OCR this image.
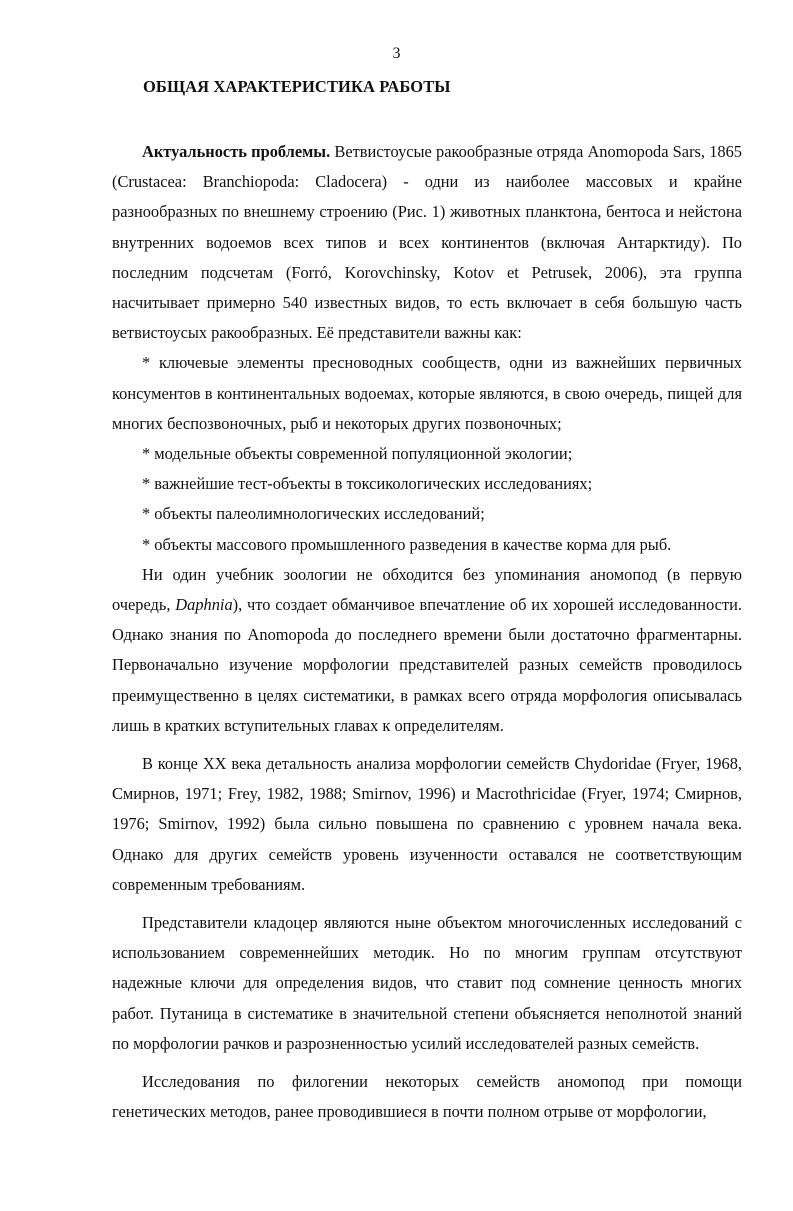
3
ОБЩАЯ ХАРАКТЕРИСТИКА РАБОТЫ

Актуальность проблемы. Ветвистоусые ракообразные отряда Anomopoda Sars, 1865 (Crustacea: Branchiopoda: Cladocera) - одни из наиболее массовых и крайне разнообразных по внешнему строению (Рис. 1) животных планктона, бентоса и нейстона внутренних водоемов всех типов и всех континентов (включая Антарктиду). По последним подсчетам (Forró, Korovchinsky, Kotov et Petrusek, 2006), эта группа насчитывает примерно 540 известных видов, то есть включает в себя большую часть ветвистоусых ракообразных. Её представители важны как:

* ключевые элементы пресноводных сообществ, одни из важнейших первичных консументов в континентальных водоемах, которые являются, в свою очередь, пищей для многих беспозвоночных, рыб и некоторых других позвоночных;

* модельные объекты современной популяционной экологии;

* важнейшие тест-объекты в токсикологических исследованиях;

* объекты палеолимнологических исследований;

* объекты массового промышленного разведения в качестве корма для рыб.

Ни один учебник зоологии не обходится без упоминания аномопод (в первую очередь, Daphnia), что создает обманчивое впечатление об их хорошей исследованности. Однако знания по Anomopoda до последнего времени были достаточно фрагментарны. Первоначально изучение морфологии представителей разных семейств проводилось преимущественно в целях систематики, в рамках всего отряда морфология описывалась лишь в кратких вступительных главах к определителям.

В конце XX века детальность анализа морфологии семейств Chydoridae (Fryer, 1968, Смирнов, 1971; Frey, 1982, 1988; Smirnov, 1996) и Macrothricidae (Fryer, 1974; Смирнов, 1976; Smirnov, 1992) была сильно повышена по сравнению с уровнем начала века. Однако для других семейств уровень изученности оставался не соответствующим современным требованиям.

Представители кладоцер являются ныне объектом многочисленных исследований с использованием современнейших методик. Но по многим группам отсутствуют надежные ключи для определения видов, что ставит под сомнение ценность многих работ. Путаница в систематике в значительной степени объясняется неполнотой знаний по морфологии рачков и разрозненностью усилий исследователей разных семейств.

Исследования по филогении некоторых семейств аномопод при помощи генетических методов, ранее проводившиеся в почти полном отрыве от морфологии,
